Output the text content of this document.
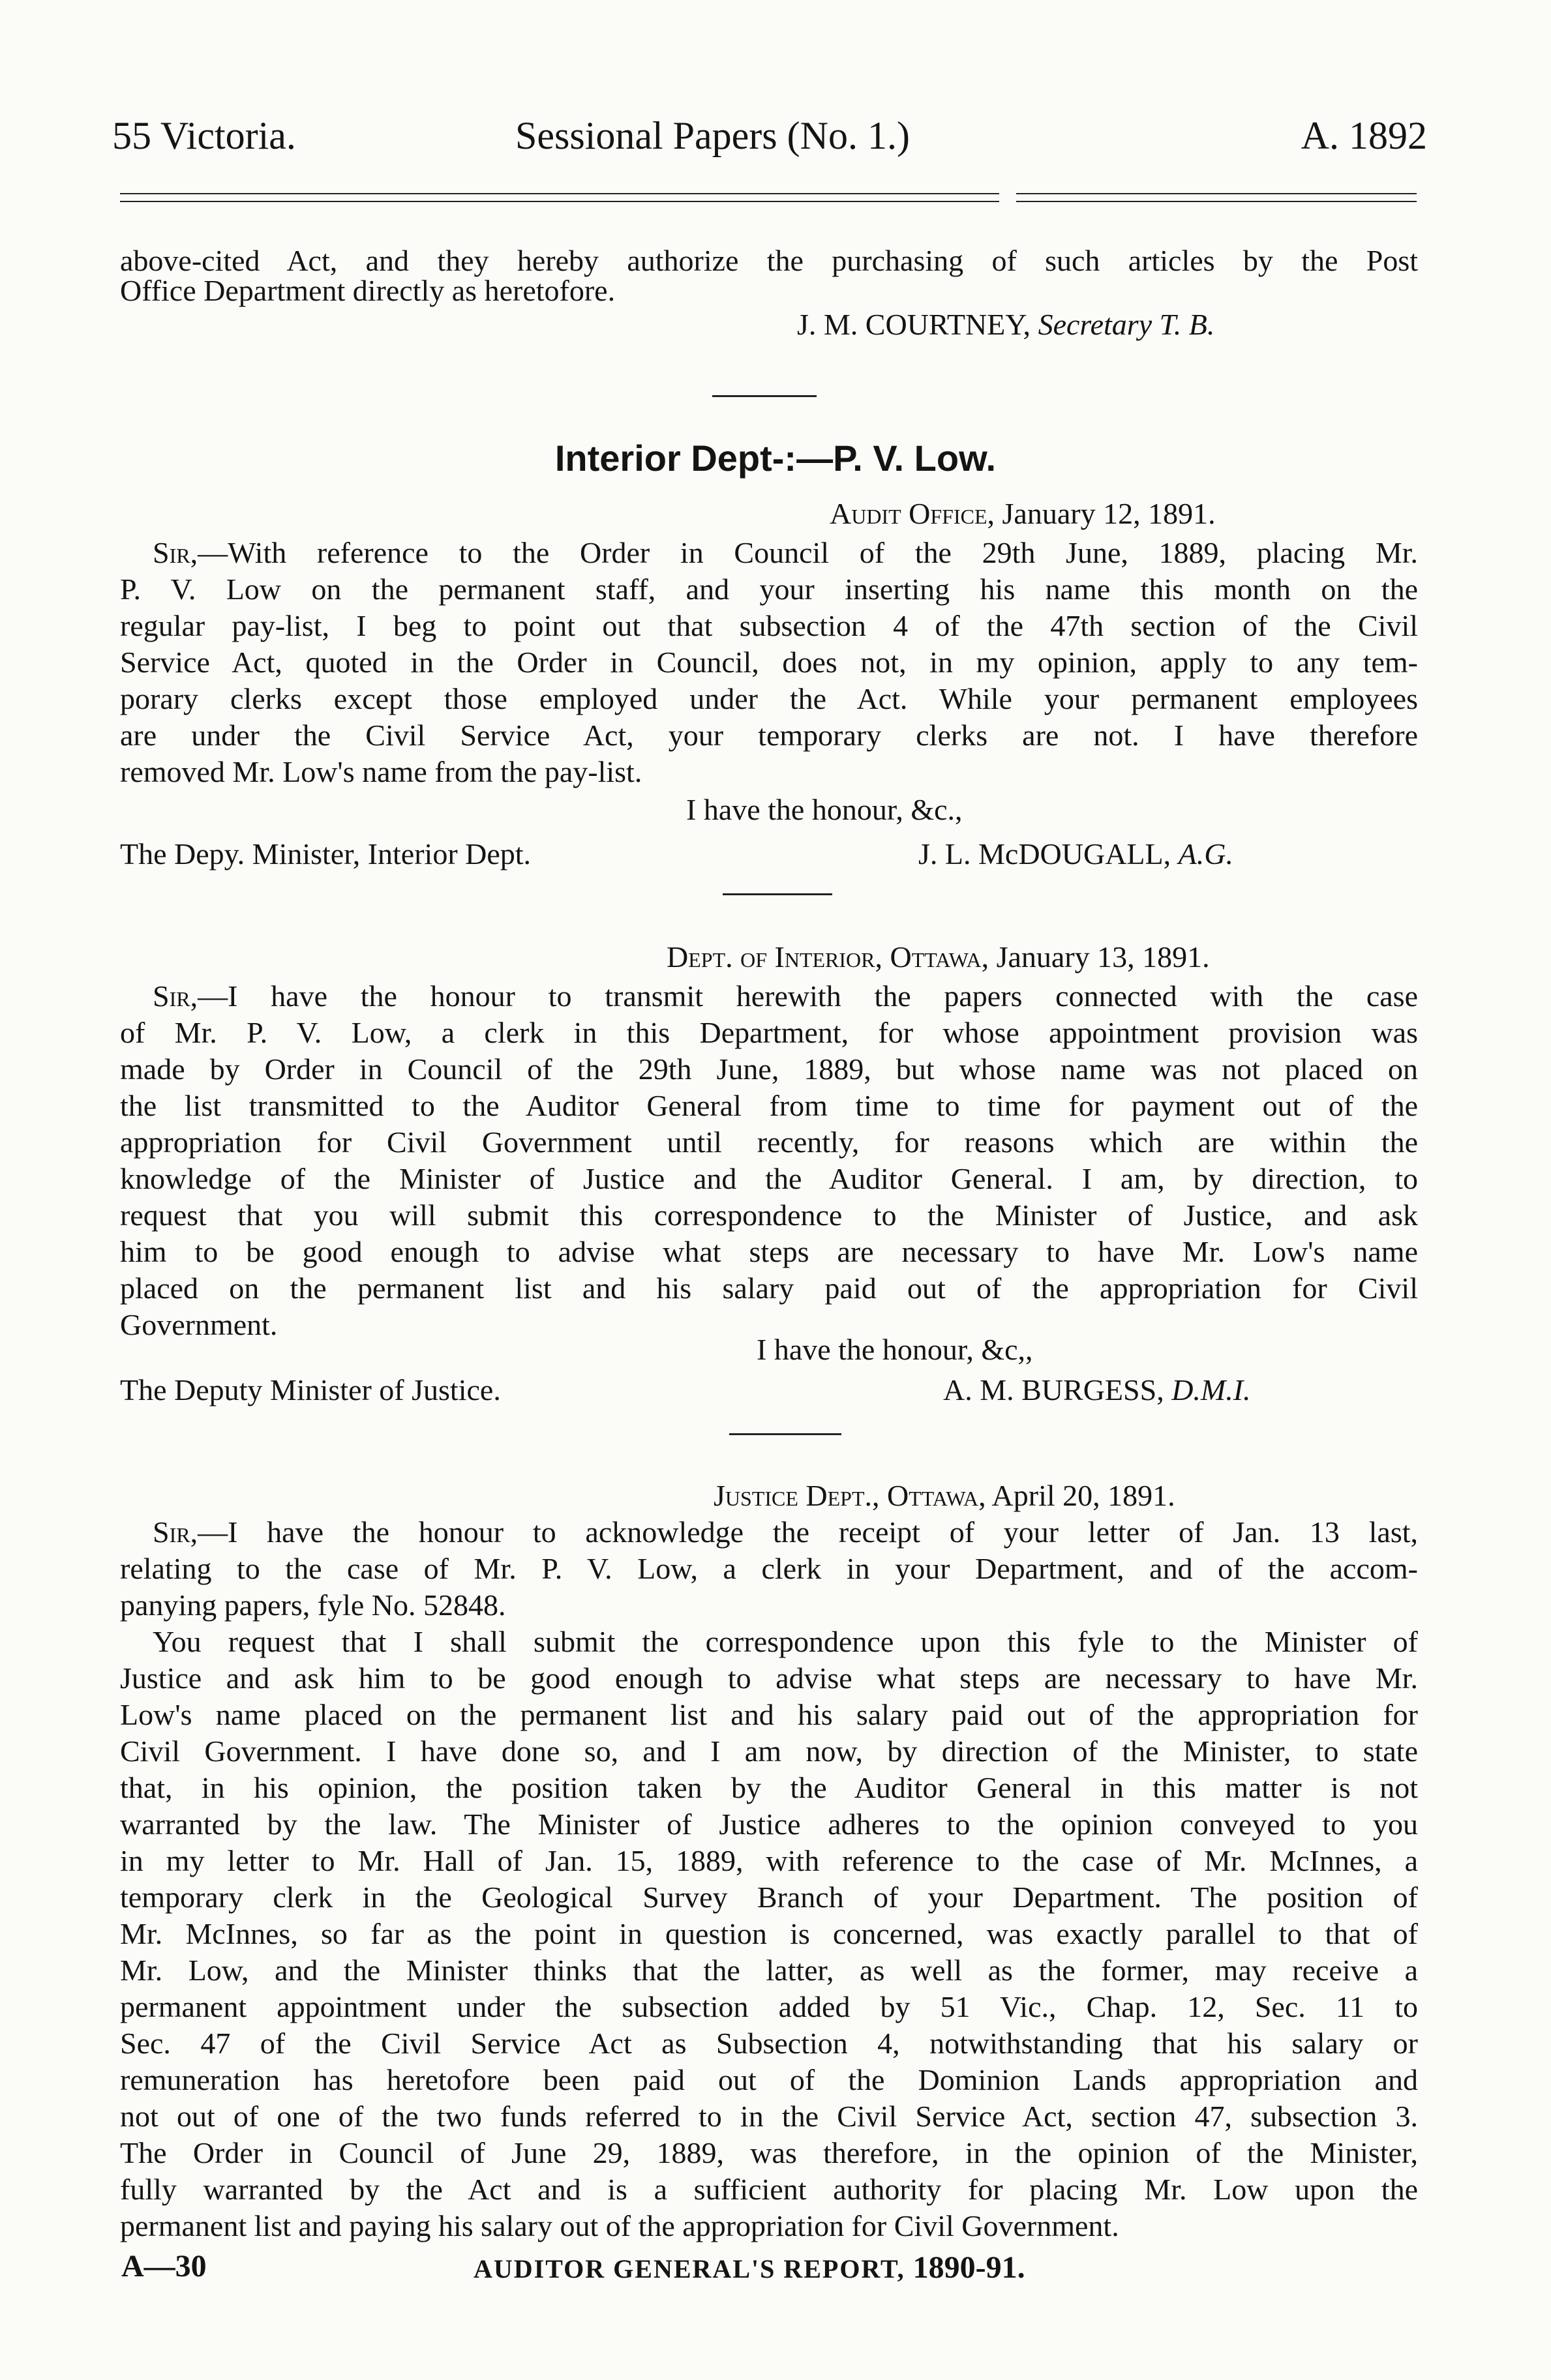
55 Victoria.	Sessional Papers (No. 1.)	A. 1892
above-cited Act, and they hereby authorize the purchasing of such articles by the Post
Office Department directly as heretofore.
J. M. COURTNEY, Secretary T. B.
Interior Dept-:—P. V. Low.
Audit Office, January 12, 1891.
Sir,—With reference to the Order in Council of the 29th June, 1889, placing Mr.
P. V. Low on the permanent staff, and your inserting his name this month on the
regular pay-list, I beg to point out that subsection 4 of the 47th section of the Civil
Service Act, quoted in the Order in Council, does not, in my opinion, apply to any tem-
porary clerks except those employed under the Act. While your permanent employees
are under the Civil Service Act, your temporary clerks are not. I have therefore
removed Mr. Low's name from the pay-list.
I have the honour, &c.,
The Depy. Minister, Interior Dept.	J. L. McDOUGALL, A.G.
Dept. of Interior, Ottawa, January 13, 1891.
Sir,—I have the honour to transmit herewith the papers connected with the case
of Mr. P. V. Low, a clerk in this Department, for whose appointment provision was
made by Order in Council of the 29th June, 1889, but whose name was not placed on
the list transmitted to the Auditor General from time to time for payment out of the
appropriation for Civil Government until recently, for reasons which are within the
knowledge of the Minister of Justice and the Auditor General. I am, by direction, to
request that you will submit this correspondence to the Minister of Justice, and ask
him to be good enough to advise what steps are necessary to have Mr. Low's name
placed on the permanent list and his salary paid out of the appropriation for Civil
Government.
I have the honour, &c,,
The Deputy Minister of Justice.	A. M. BURGESS, D.M.I.
Justice Dept., Ottawa, April 20, 1891.
Sir,—I have the honour to acknowledge the receipt of your letter of Jan. 13 last,
relating to the case of Mr. P. V. Low, a clerk in your Department, and of the accom-
panying papers, fyle No. 52848.
You request that I shall submit the correspondence upon this fyle to the Minister of
Justice and ask him to be good enough to advise what steps are necessary to have Mr.
Low's name placed on the permanent list and his salary paid out of the appropriation for
Civil Government. I have done so, and I am now, by direction of the Minister, to state
that, in his opinion, the position taken by the Auditor General in this matter is not
warranted by the law. The Minister of Justice adheres to the opinion conveyed to you
in my letter to Mr. Hall of Jan. 15, 1889, with reference to the case of Mr. McInnes, a
temporary clerk in the Geological Survey Branch of your Department. The position of
Mr. McInnes, so far as the point in question is concerned, was exactly parallel to that of
Mr. Low, and the Minister thinks that the latter, as well as the former, may receive a
permanent appointment under the subsection added by 51 Vic., Chap. 12, Sec. 11 to
Sec. 47 of the Civil Service Act as Subsection 4, notwithstanding that his salary or
remuneration has heretofore been paid out of the Dominion Lands appropriation and
not out of one of the two funds referred to in the Civil Service Act, section 47, subsection 3.
The Order in Council of June 29, 1889, was therefore, in the opinion of the Minister,
fully warranted by the Act and is a sufficient authority for placing Mr. Low upon the
permanent list and paying his salary out of the appropriation for Civil Government.
A—30	AUDITOR GENERAL'S REPORT, 1890-91.
